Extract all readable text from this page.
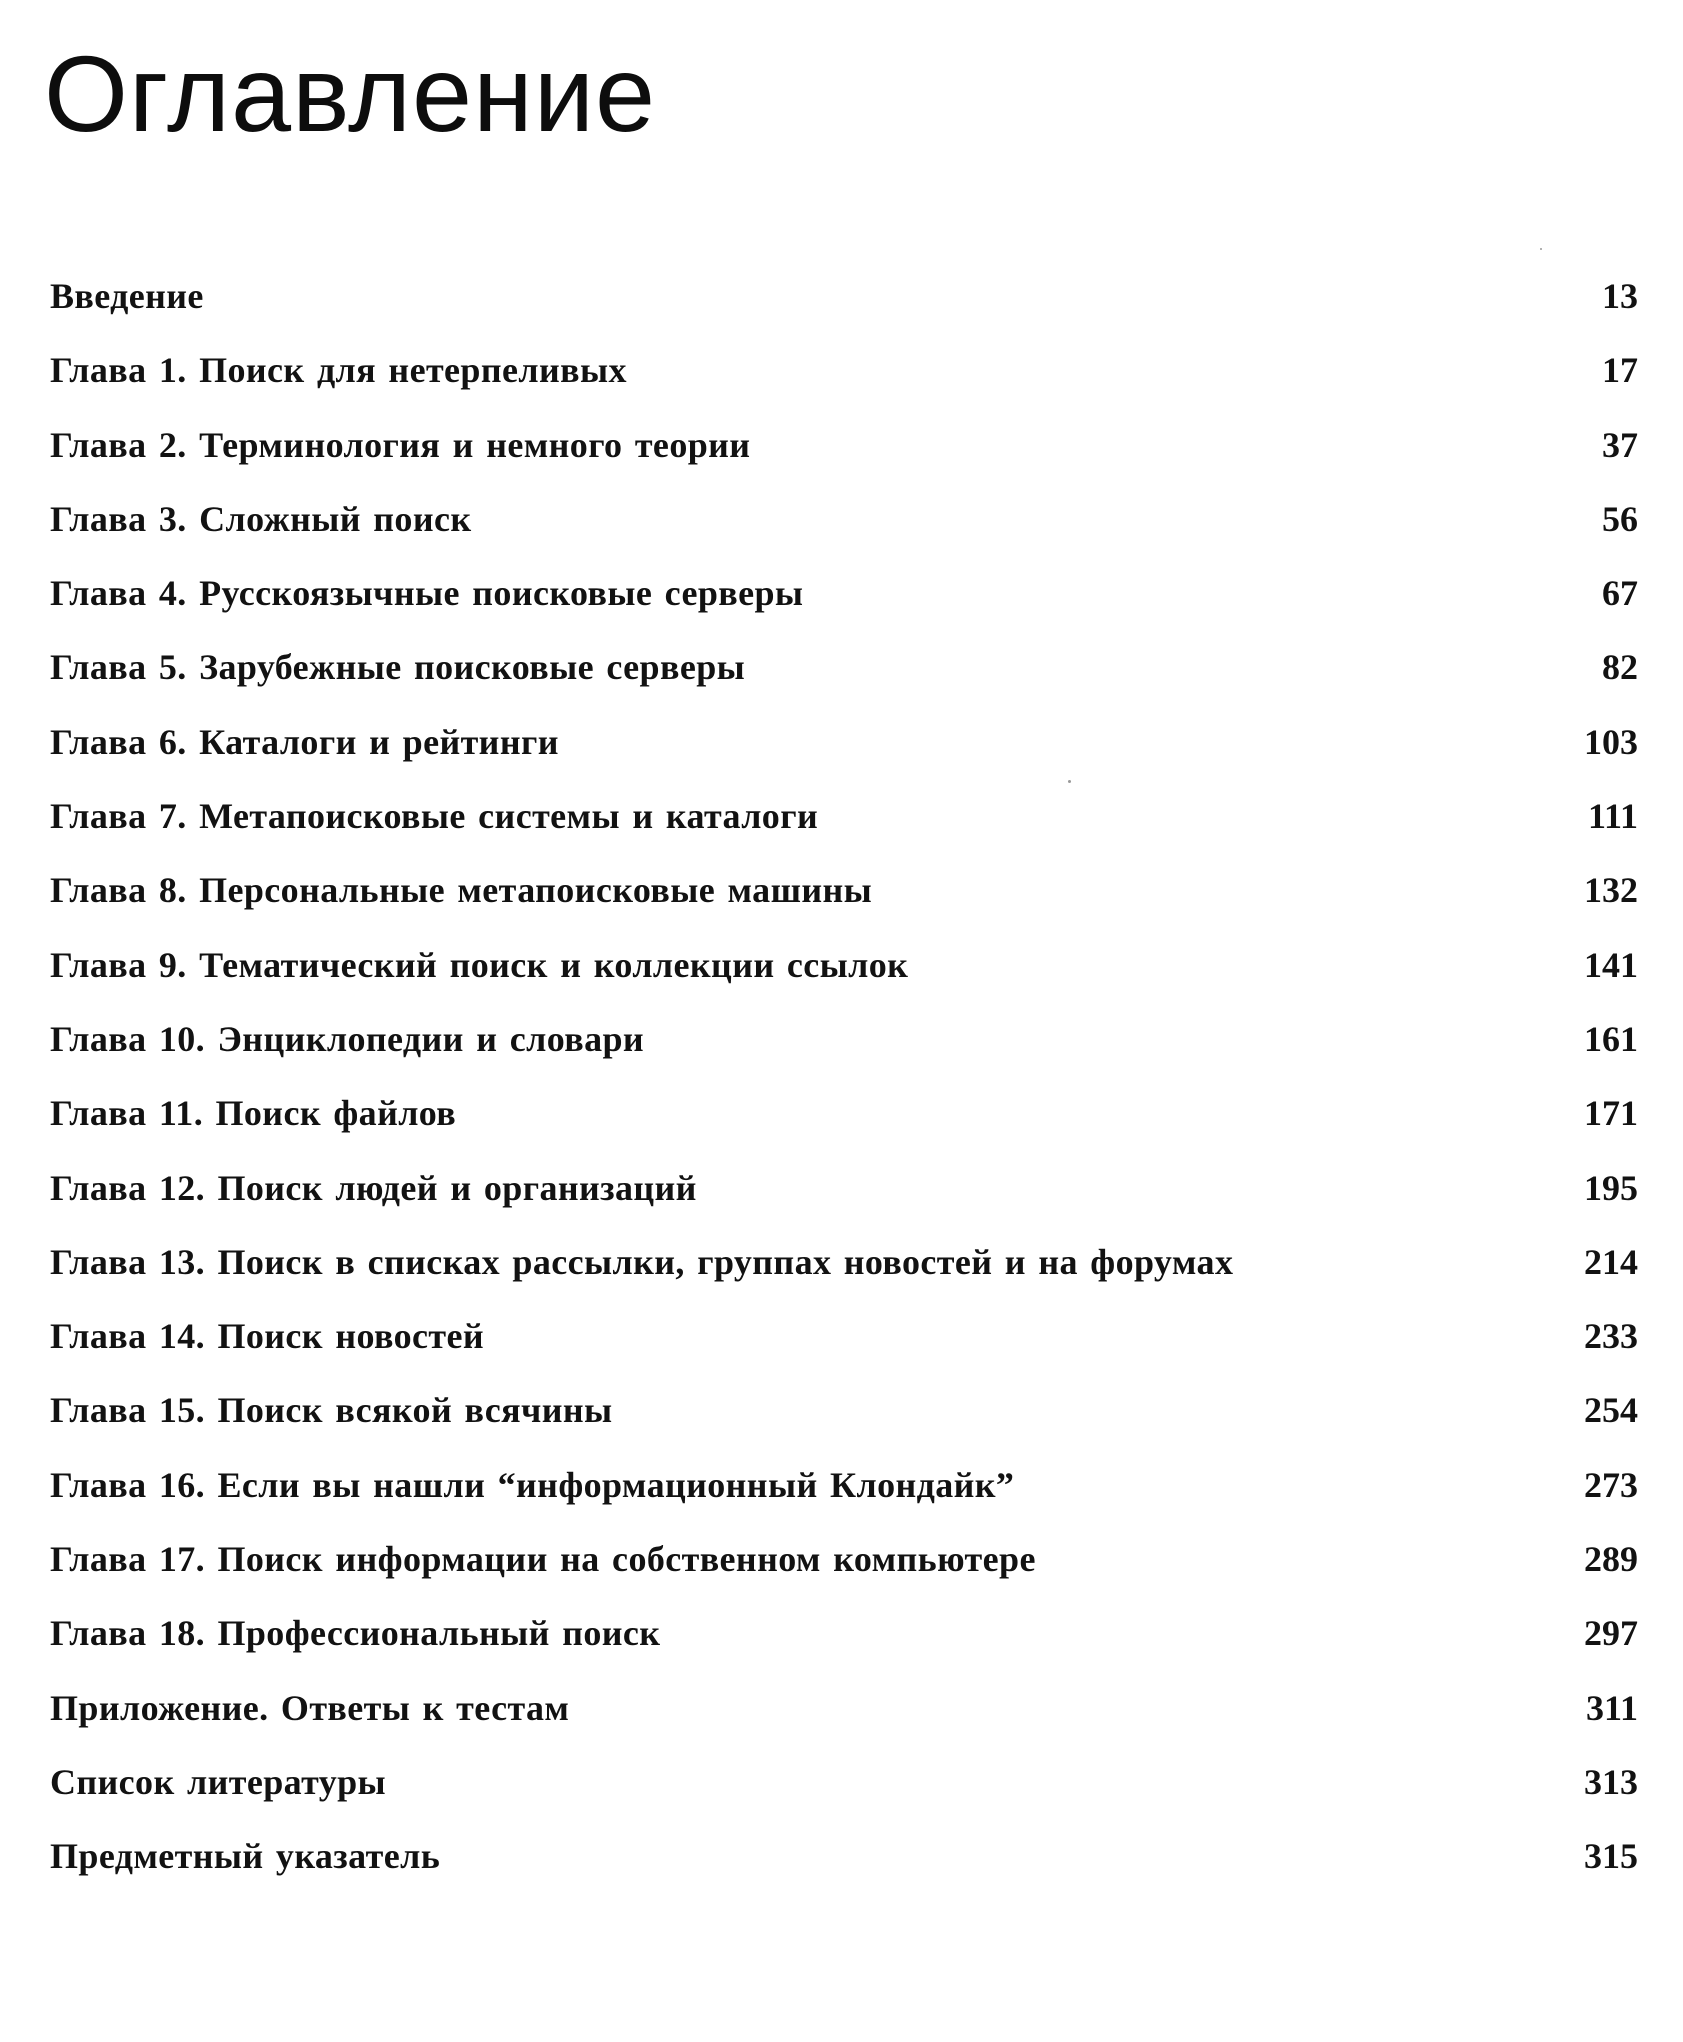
Оглавление
Введение	13
Глава 1. Поиск для нетерпеливых	17
Глава 2. Терминология и немного теории	37
Глава 3. Сложный поиск	56
Глава 4. Русскоязычные поисковые серверы	67
Глава 5. Зарубежные поисковые серверы	82
Глава 6. Каталоги и рейтинги	103
Глава 7. Метапоисковые системы и каталоги	111
Глава 8. Персональные метапоисковые машины	132
Глава 9. Тематический поиск и коллекции ссылок	141
Глава 10. Энциклопедии и словари	161
Глава 11. Поиск файлов	171
Глава 12. Поиск людей и организаций	195
Глава 13. Поиск в списках рассылки, группах новостей и на форумах	214
Глава 14. Поиск новостей	233
Глава 15. Поиск всякой всячины	254
Глава 16. Если вы нашли “информационный Клондайк”	273
Глава 17. Поиск информации на собственном компьютере	289
Глава 18. Профессиональный поиск	297
Приложение. Ответы к тестам	311
Список литературы	313
Предметный указатель	315
